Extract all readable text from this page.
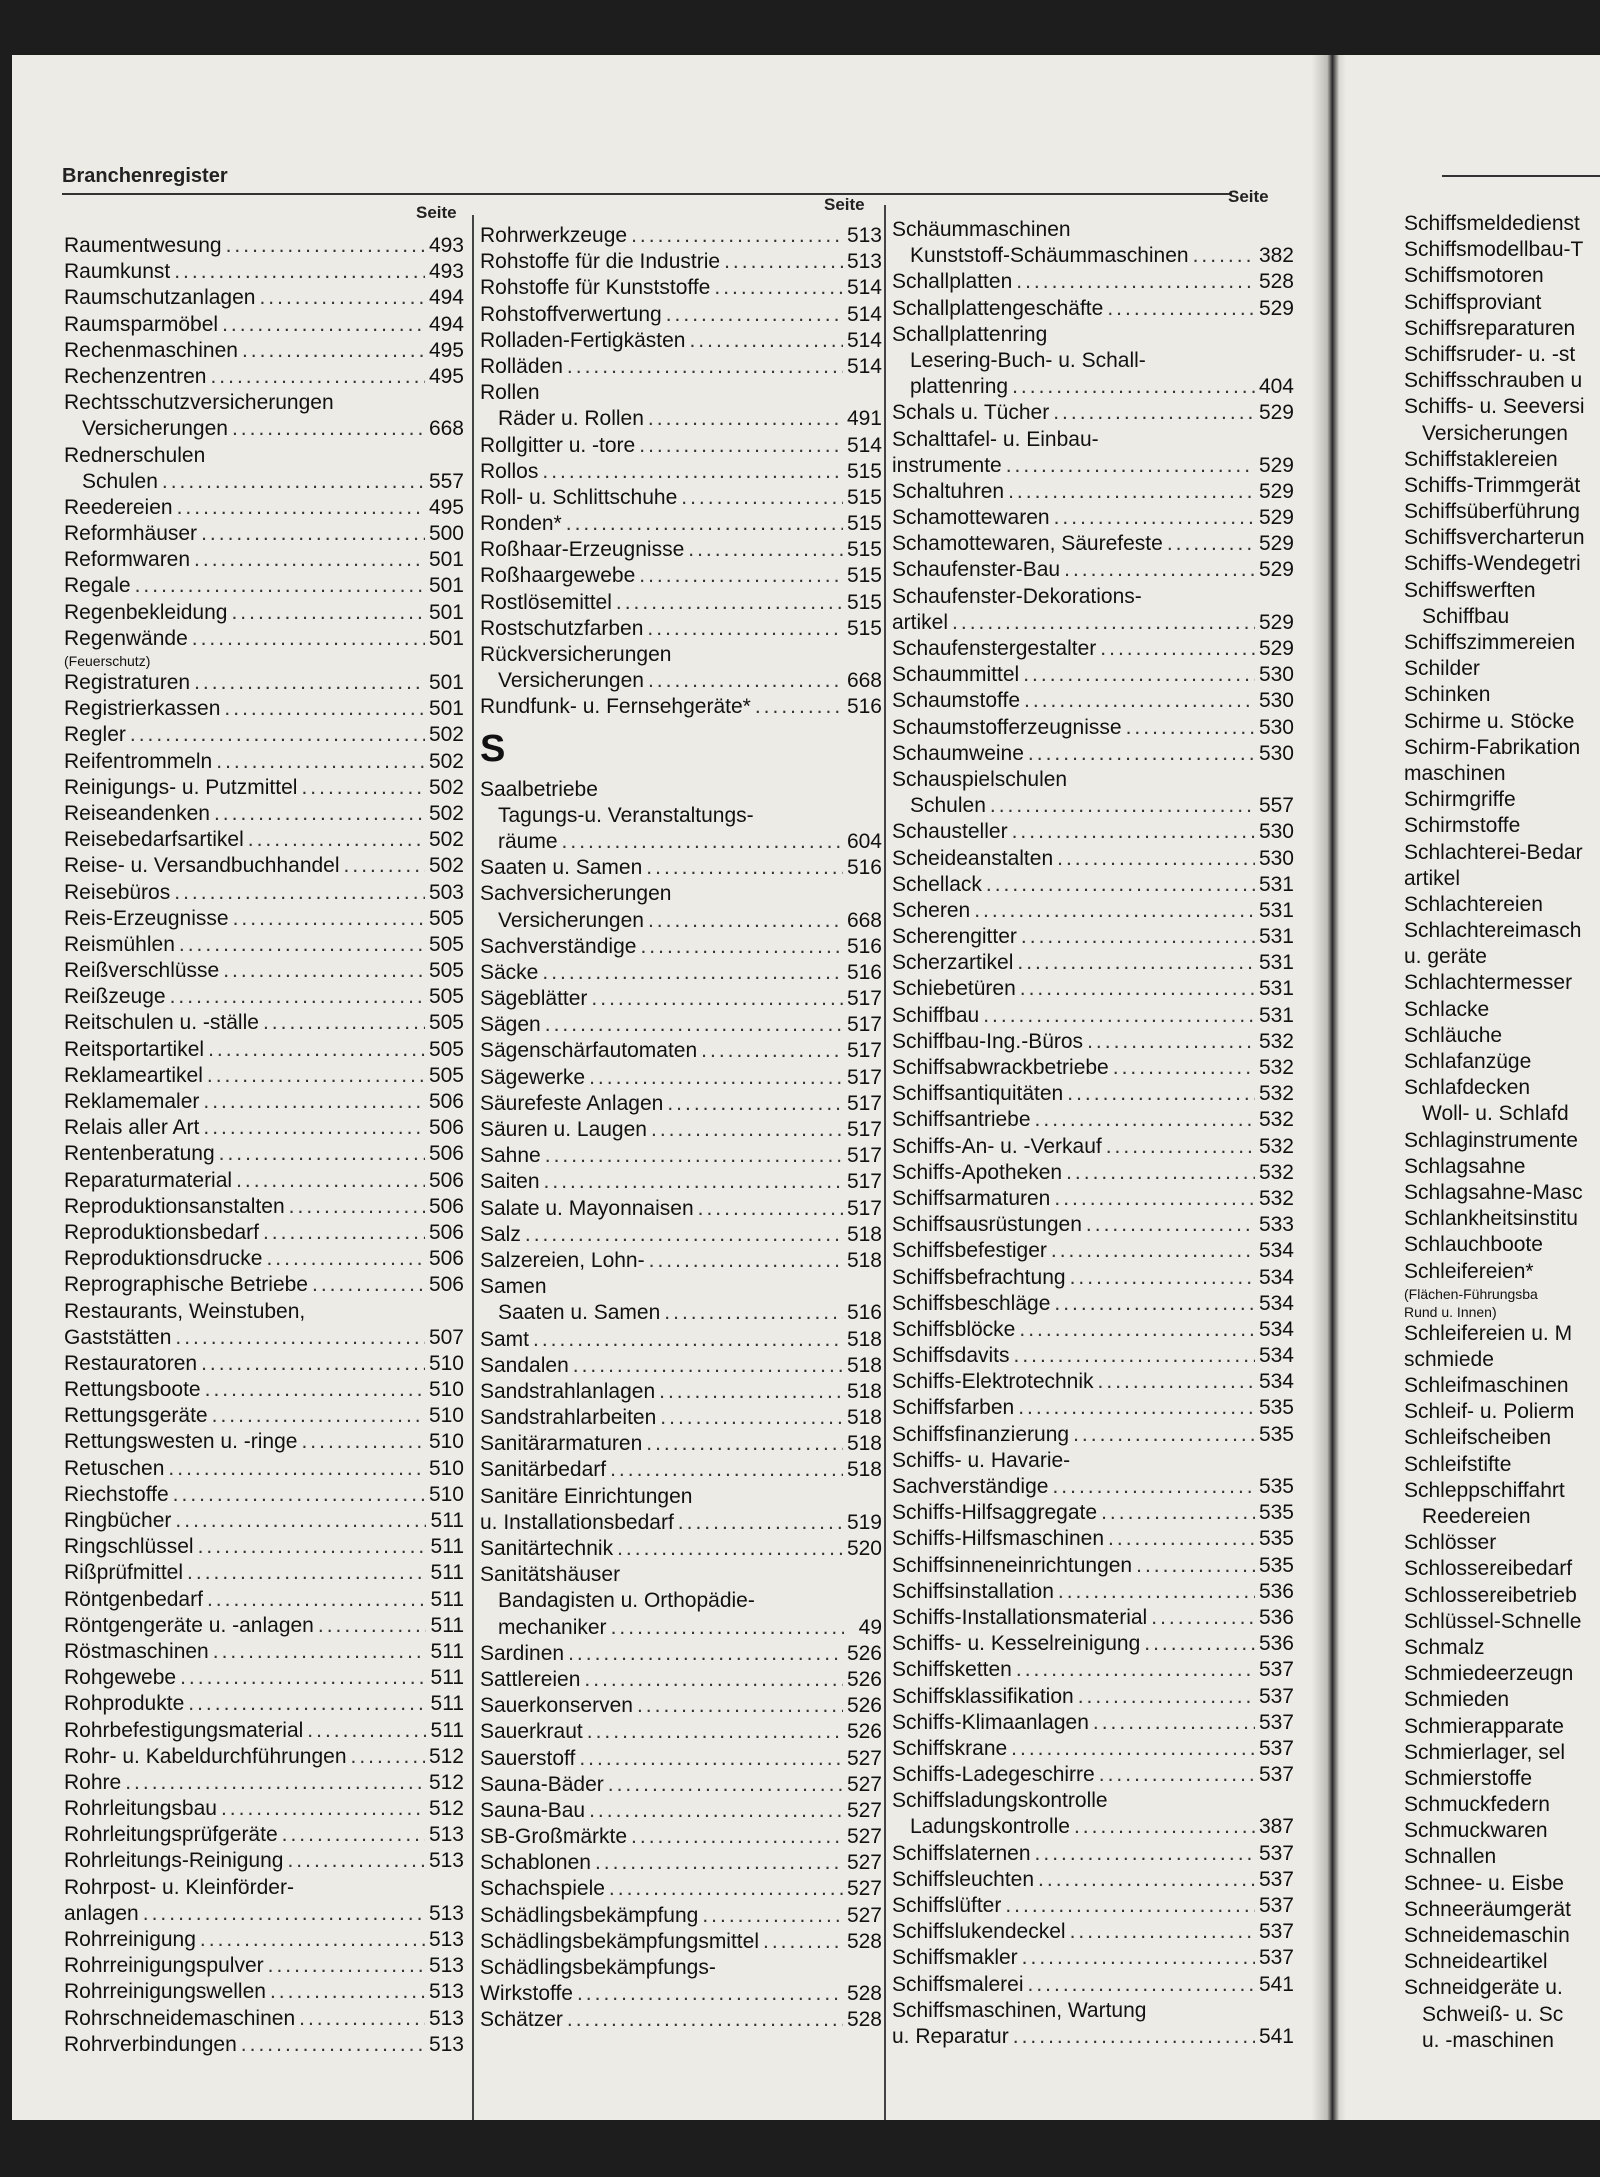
Branchenregister
Seite	Seite	Seite
Raumentwesung .....	493
Raumkunst .....	493
Raumschutzanlagen .....	494
Raumsparmöbel .....	494
Rechenmaschinen .....	495
Rechenzentren .....	495
Rechtsschutzversicherungen
Versicherungen .....	668
Rednerschulen
Schulen .....	557
Reedereien .....	495
Reformhäuser .....	500
Reformwaren .....	501
Regale .....	501
Regenbekleidung .....	501
Regenwände .....	501
(Feuerschutz)
Registraturen .....	501
Registrierkassen .....	501
Regler .....	502
Reifentrommeln .....	502
Reinigungs- u. Putzmittel .....	502
Reiseandenken .....	502
Reisebedarfsartikel .....	502
Reise- u. Versandbuchhandel .....	502
Reisebüros .....	503
Reis-Erzeugnisse .....	505
Reismühlen .....	505
Reißverschlüsse .....	505
Reißzeuge .....	505
Reitschulen u. -ställe .....	505
Reitsportartikel .....	505
Reklameartikel .....	505
Reklamemaler .....	506
Relais aller Art .....	506
Rentenberatung .....	506
Reparaturmaterial .....	506
Reproduktionsanstalten .....	506
Reproduktionsbedarf .....	506
Reproduktionsdrucke .....	506
Reprographische Betriebe .....	506
Restaurants, Weinstuben,
Gaststätten .....	507
Restauratoren .....	510
Rettungsboote .....	510
Rettungsgeräte .....	510
Rettungswesten u. -ringe .....	510
Retuschen .....	510
Riechstoffe .....	510
Ringbücher .....	511
Ringschlüssel .....	511
Rißprüfmittel .....	511
Röntgenbedarf .....	511
Röntgengeräte u. -anlagen .....	511
Röstmaschinen .....	511
Rohgewebe .....	511
Rohprodukte .....	511
Rohrbefestigungsmaterial .....	511
Rohr- u. Kabeldurchführungen .....	512
Rohre .....	512
Rohrleitungsbau .....	512
Rohrleitungsprüfgeräte .....	513
Rohrleitungs-Reinigung .....	513
Rohrpost- u. Kleinförder-
anlagen .....	513
Rohrreinigung .....	513
Rohrreinigungspulver .....	513
Rohrreinigungswellen .....	513
Rohrschneidemaschinen .....	513
Rohrverbindungen .....	513
Rohrwerkzeuge .....	513
Rohstoffe für die Industrie .....	513
Rohstoffe für Kunststoffe .....	514
Rohstoffverwertung .....	514
Rolladen-Fertigkästen .....	514
Rolläden .....	514
Rollen
Räder u. Rollen .....	491
Rollgitter u. -tore .....	514
Rollos .....	515
Roll- u. Schlittschuhe .....	515
Ronden* .....	515
Roßhaar-Erzeugnisse .....	515
Roßhaargewebe .....	515
Rostlösemittel .....	515
Rostschutzfarben .....	515
Rückversicherungen
Versicherungen .....	668
Rundfunk- u. Fernsehgeräte* .....	516
S
Saalbetriebe
Tagungs-u. Veranstaltungs-
räume .....	604
Saaten u. Samen .....	516
Sachversicherungen
Versicherungen .....	668
Sachverständige .....	516
Säcke .....	516
Sägeblätter .....	517
Sägen .....	517
Sägenschärfautomaten .....	517
Sägewerke .....	517
Säurefeste Anlagen .....	517
Säuren u. Laugen .....	517
Sahne .....	517
Saiten .....	517
Salate u. Mayonnaisen .....	517
Salz .....	518
Salzereien, Lohn- .....	518
Samen
Saaten u. Samen .....	516
Samt .....	518
Sandalen .....	518
Sandstrahlanlagen .....	518
Sandstrahlarbeiten .....	518
Sanitärarmaturen .....	518
Sanitärbedarf .....	518
Sanitäre Einrichtungen
u. Installationsbedarf .....	519
Sanitärtechnik .....	520
Sanitätshäuser
Bandagisten u. Orthopädie-
mechaniker .....	49
Sardinen .....	526
Sattlereien .....	526
Sauerkonserven .....	526
Sauerkraut .....	526
Sauerstoff .....	527
Sauna-Bäder .....	527
Sauna-Bau .....	527
SB-Großmärkte .....	527
Schablonen .....	527
Schachspiele .....	527
Schädlingsbekämpfung .....	527
Schädlingsbekämpfungsmittel .....	528
Schädlingsbekämpfungs-
Wirkstoffe .....	528
Schätzer .....	528
Schäummaschinen
Kunststoff-Schäummaschinen .....	382
Schallplatten .....	528
Schallplattengeschäfte .....	529
Schallplattenring
Lesering-Buch- u. Schall-
plattenring .....	404
Schals u. Tücher .....	529
Schalttafel- u. Einbau-
instrumente .....	529
Schaltuhren .....	529
Schamottewaren .....	529
Schamottewaren, Säurefeste .....	529
Schaufenster-Bau .....	529
Schaufenster-Dekorations-
artikel .....	529
Schaufenstergestalter .....	529
Schaummittel .....	530
Schaumstoffe .....	530
Schaumstofferzeugnisse .....	530
Schaumweine .....	530
Schauspielschulen
Schulen .....	557
Schausteller .....	530
Scheideanstalten .....	530
Schellack .....	531
Scheren .....	531
Scherengitter .....	531
Scherzartikel .....	531
Schiebetüren .....	531
Schiffbau .....	531
Schiffbau-Ing.-Büros .....	532
Schiffsabwrackbetriebe .....	532
Schiffsantiquitäten .....	532
Schiffsantriebe .....	532
Schiffs-An- u. -Verkauf .....	532
Schiffs-Apotheken .....	532
Schiffsarmaturen .....	532
Schiffsausrüstungen .....	533
Schiffsbefestiger .....	534
Schiffsbefrachtung .....	534
Schiffsbeschläge .....	534
Schiffsblöcke .....	534
Schiffsdavits .....	534
Schiffs-Elektrotechnik .....	534
Schiffsfarben .....	535
Schiffsfinanzierung .....	535
Schiffs- u. Havarie-
Sachverständige .....	535
Schiffs-Hilfsaggregate .....	535
Schiffs-Hilfsmaschinen .....	535
Schiffsinneneinrichtungen .....	535
Schiffsinstallation .....	536
Schiffs-Installationsmaterial .....	536
Schiffs- u. Kesselreinigung .....	536
Schiffsketten .....	537
Schiffsklassifikation .....	537
Schiffs-Klimaanlagen .....	537
Schiffskrane .....	537
Schiffs-Ladegeschirre .....	537
Schiffsladungskontrolle
Ladungskontrolle .....	387
Schiffslaternen .....	537
Schiffsleuchten .....	537
Schiffslüfter .....	537
Schiffslukendeckel .....	537
Schiffsmakler .....	537
Schiffsmalerei .....	541
Schiffsmaschinen, Wartung
u. Reparatur .....	541
Schiffsmeldedienst
Schiffsmodellbau-T
Schiffsmotoren
Schiffsproviant
Schiffsreparaturen
Schiffsruder- u. -st
Schiffsschrauben u
Schiffs- u. Seeversi
Versicherungen
Schiffstaklereien
Schiffs-Trimmgerät
Schiffsüberführung
Schiffsvercharterun
Schiffs-Wendegetri
Schiffswerften
Schiffbau
Schiffszimmereien
Schilder
Schinken
Schirme u. Stöcke
Schirm-Fabrikation
maschinen
Schirmgriffe
Schirmstoffe
Schlachterei-Bedar
artikel
Schlachtereien
Schlachtereimasch
u. geräte
Schlachtermesser
Schlacke
Schläuche
Schlafanzüge
Schlafdecken
Woll- u. Schlafd
Schlaginstrumente
Schlagsahne
Schlagsahne-Masc
Schlankheitsinstitu
Schlauchboote
Schleifereien*
(Flächen-Führungsba
Rund u. Innen)
Schleifereien u. M
schmiede
Schleifmaschinen
Schleif- u. Polierm
Schleifscheiben
Schleifstifte
Schleppschiffahrt
Reedereien
Schlösser
Schlossereibedarf
Schlossereibetrieb
Schlüssel-Schnelle
Schmalz
Schmiedeerzeugn
Schmieden
Schmierapparate
Schmierlager, sel
Schmierstoffe
Schmuckfedern
Schmuckwaren
Schnallen
Schnee- u. Eisbe
Schneeräumgerät
Schneidemaschin
Schneideartikel
Schneidgeräte u.
Schweiß- u. Sc
u. -maschinen
